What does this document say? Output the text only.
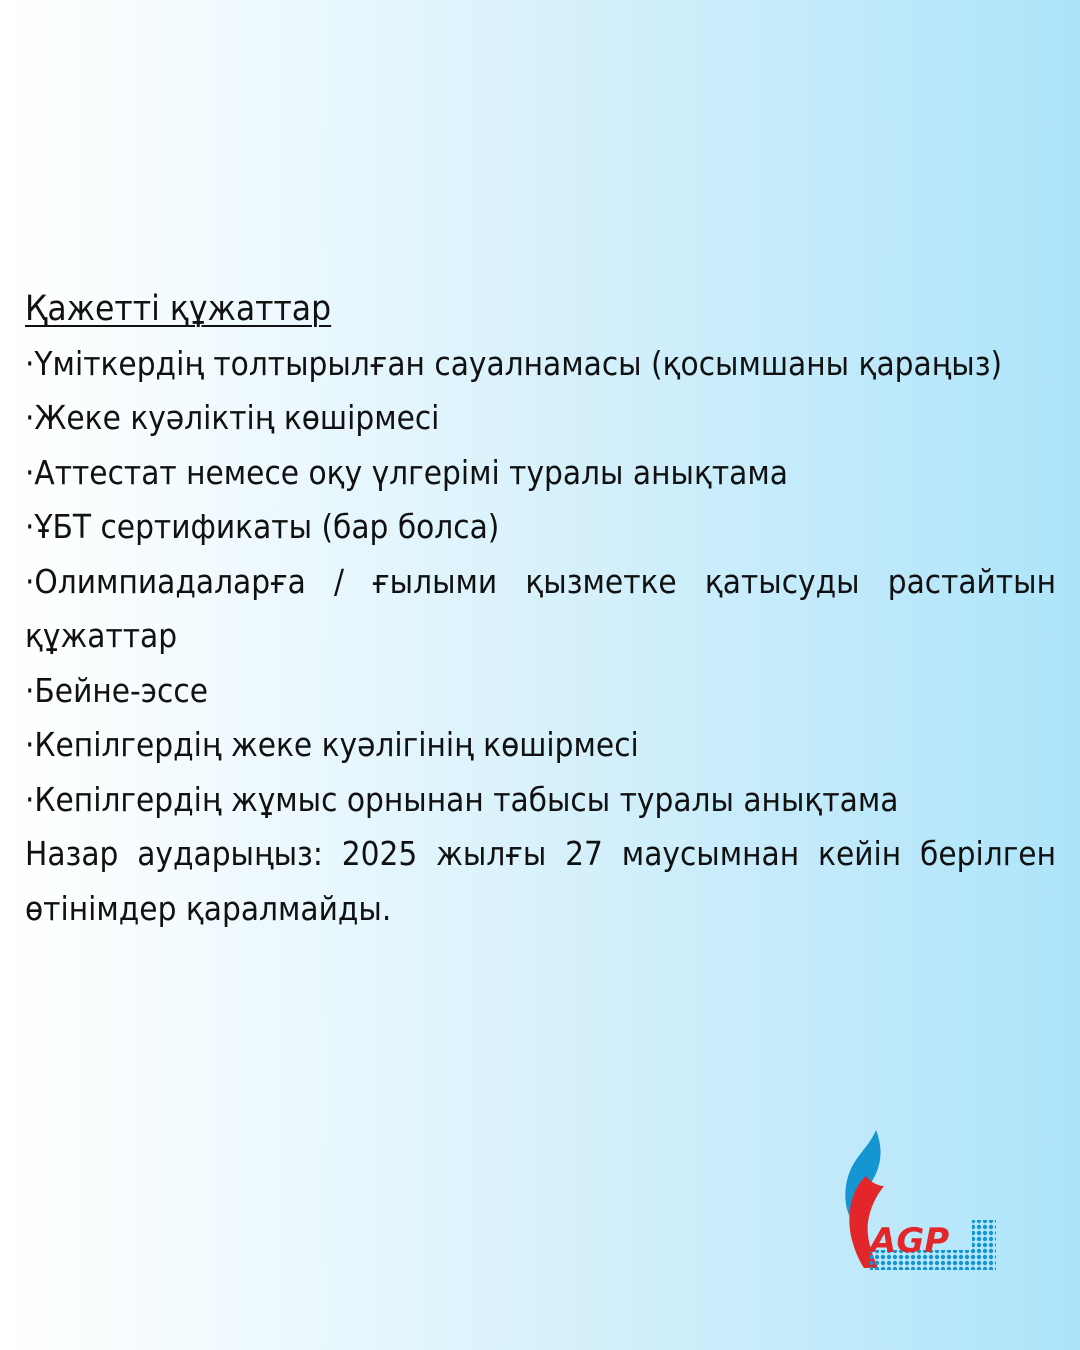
Қажетті құжаттар
·Үміткердің толтырылған сауалнамасы (қосымшаны қараңыз)
·Жеке куәліктің көшірмесі
·Аттестат немесе оқу үлгерімі туралы анықтама
·ҰБТ сертификаты (бар болса)
·Олимпиадаларға / ғылыми қызметке қатысуды растайтын құжаттар
·Бейне-эссе
·Кепілгердің жеке куәлігінің көшірмесі
·Кепілгердің жұмыс орнынан табысы туралы анықтама
Назар аударыңыз: 2025 жылғы 27 маусымнан кейін берілген өтінімдер қаралмайды.
AGP
